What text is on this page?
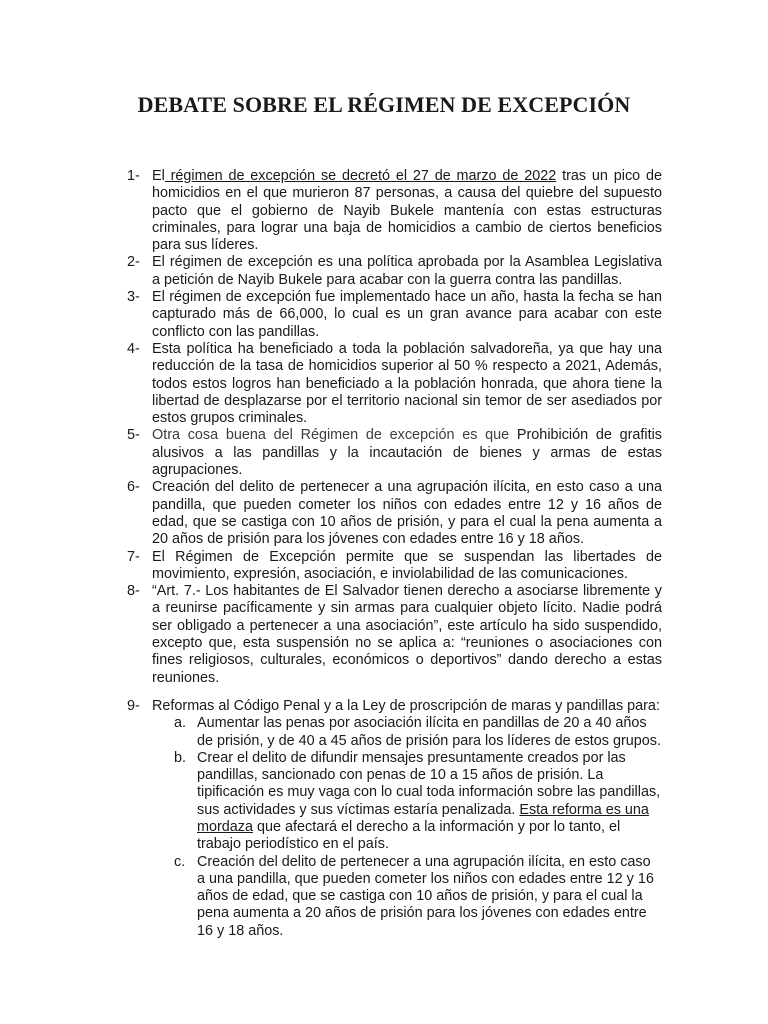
DEBATE SOBRE EL RÉGIMEN DE EXCEPCIÓN
1- El régimen de excepción se decretó el 27 de marzo de 2022 tras un pico de homicidios en el que murieron 87 personas, a causa del quiebre del supuesto pacto que el gobierno de Nayib Bukele mantenía con estas estructuras criminales, para lograr una baja de homicidios a cambio de ciertos beneficios para sus líderes.
2- El régimen de excepción es una política aprobada por la Asamblea Legislativa a petición de Nayib Bukele para acabar con la guerra contra las pandillas.
3- El régimen de excepción fue implementado hace un año, hasta la fecha se han capturado más de 66,000, lo cual es un gran avance para acabar con este conflicto con las pandillas.
4- Esta política ha beneficiado a toda la población salvadoreña, ya que hay una reducción de la tasa de homicidios superior al 50 % respecto a 2021, Además, todos estos logros han beneficiado a la población honrada, que ahora tiene la libertad de desplazarse por el territorio nacional sin temor de ser asediados por estos grupos criminales.
5- Otra cosa buena del Régimen de excepción es que Prohibición de grafitis alusivos a las pandillas y la incautación de bienes y armas de estas agrupaciones.
6- Creación del delito de pertenecer a una agrupación ilícita, en esto caso a una pandilla, que pueden cometer los niños con edades entre 12 y 16 años de edad, que se castiga con 10 años de prisión, y para el cual la pena aumenta a 20 años de prisión para los jóvenes con edades entre 16 y 18 años.
7- El Régimen de Excepción permite que se suspendan las libertades de movimiento, expresión, asociación, e inviolabilidad de las comunicaciones.
8- “Art. 7.- Los habitantes de El Salvador tienen derecho a asociarse libremente y a reunirse pacíficamente y sin armas para cualquier objeto lícito. Nadie podrá ser obligado a pertenecer a una asociación”, este artículo ha sido suspendido, excepto que, esta suspensión no se aplica a: “reuniones o asociaciones con fines religiosos, culturales, económicos o deportivos” dando derecho a estas reuniones.
9- Reformas al Código Penal y a la Ley de proscripción de maras y pandillas para:
a. Aumentar las penas por asociación ilícita en pandillas de 20 a 40 años de prisión, y de 40 a 45 años de prisión para los líderes de estos grupos.
b. Crear el delito de difundir mensajes presuntamente creados por las pandillas, sancionado con penas de 10 a 15 años de prisión. La tipificación es muy vaga con lo cual toda información sobre las pandillas, sus actividades y sus víctimas estaría penalizada. Esta reforma es una mordaza que afectará el derecho a la información y por lo tanto, el trabajo periodístico en el país.
c. Creación del delito de pertenecer a una agrupación ilícita, en esto caso a una pandilla, que pueden cometer los niños con edades entre 12 y 16 años de edad, que se castiga con 10 años de prisión, y para el cual la pena aumenta a 20 años de prisión para los jóvenes con edades entre 16 y 18 años.
